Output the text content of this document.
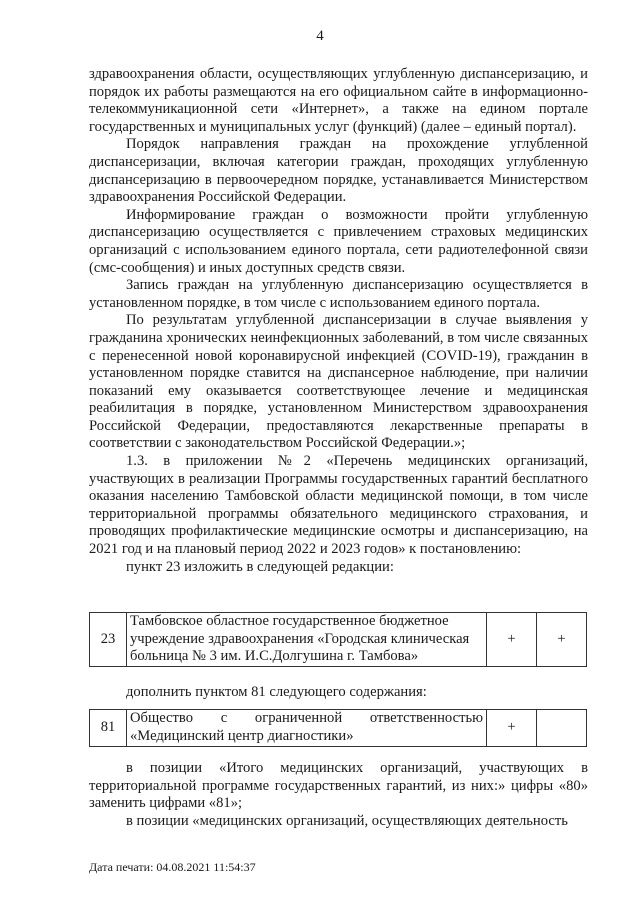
4

здравоохранения области, осуществляющих углубленную диспансеризацию, и порядок их работы размещаются на его официальном сайте в информационно-телекоммуникационной сети «Интернет», а также на едином портале государственных и муниципальных услуг (функций) (далее – единый портал).

Порядок направления граждан на прохождение углубленной диспансеризации, включая категории граждан, проходящих углубленную диспансеризацию в первоочередном порядке, устанавливается Министерством здравоохранения Российской Федерации.

Информирование граждан о возможности пройти углубленную диспансеризацию осуществляется с привлечением страховых медицинских организаций с использованием единого портала, сети радиотелефонной связи (смс-сообщения) и иных доступных средств связи.

Запись граждан на углубленную диспансеризацию осуществляется в установленном порядке, в том числе с использованием единого портала.

По результатам углубленной диспансеризации в случае выявления у гражданина хронических неинфекционных заболеваний, в том числе связанных с перенесенной новой коронавирусной инфекцией (COVID-19), гражданин в установленном порядке ставится на диспансерное наблюдение, при наличии показаний ему оказывается соответствующее лечение и медицинская реабилитация в порядке, установленном Министерством здравоохранения Российской Федерации, предоставляются лекарственные препараты в соответствии с законодательством Российской Федерации.»;

1.3. в приложении №2 «Перечень медицинских организаций, участвующих в реализации Программы государственных гарантий бесплатного оказания населению Тамбовской области медицинской помощи, в том числе территориальной программы обязательного медицинского страхования, и проводящих профилактические медицинские осмотры и диспансеризацию, на 2021 год и на плановый период 2022 и 2023 годов» к постановлению:

пункт 23 изложить в следующей редакции:

23	Тамбовское областное государственное бюджетное учреждение здравоохранения «Городская клиническая больница № 3 им. И.С.Долгушина г. Тамбова»	+	+

дополнить пунктом 81 следующего содержания:

81	Общество с ограниченной ответственностью «Медицинский центр диагностики»	+	

в позиции «Итого медицинских организаций, участвующих в территориальной программе государственных гарантий, из них:» цифры «80» заменить цифрами «81»;

в позиции «медицинских организаций, осуществляющих деятельность

Дата печати: 04.08.2021 11:54:37
